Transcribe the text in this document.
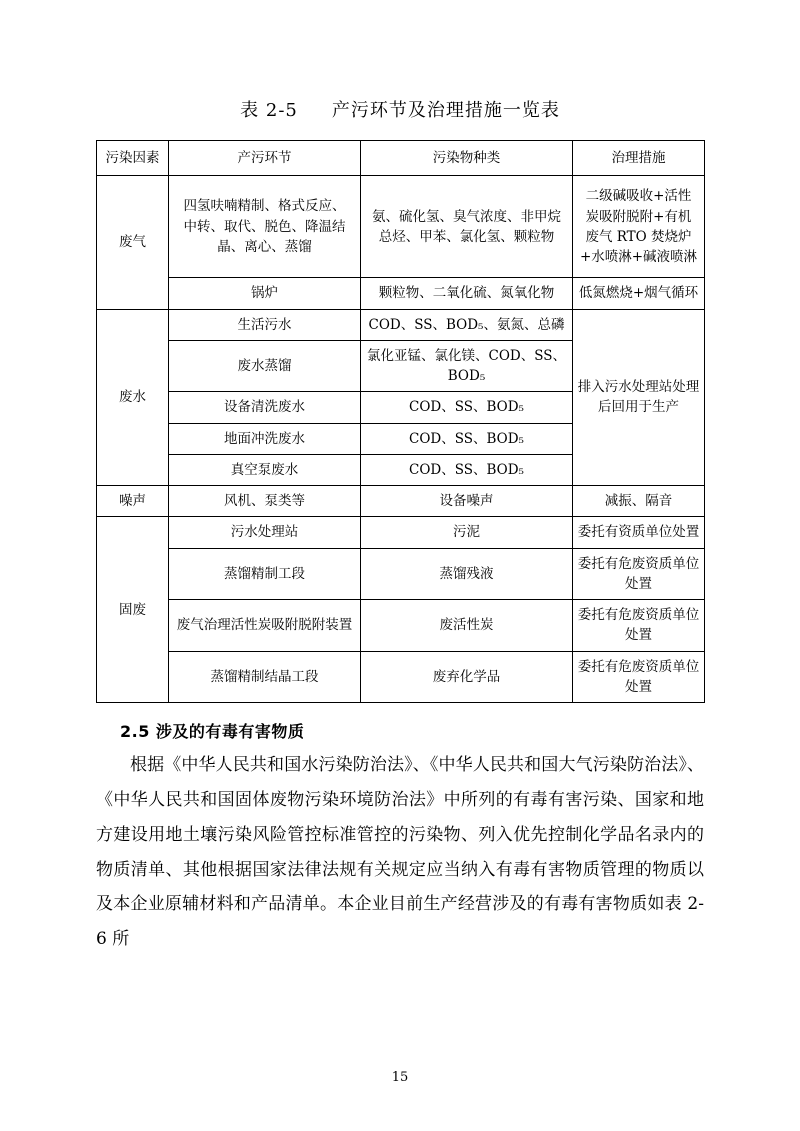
表 2-5 产污环节及治理措施一览表
污染因素	产污环节	污染物种类	治理措施
废气	四氢呋喃精制、格式反应、中转、取代、脱色、降温结晶、离心、蒸馏	氨、硫化氢、臭气浓度、非甲烷总烃、甲苯、氯化氢、颗粒物	二级碱吸收+活性炭吸附脱附+有机废气 RTO 焚烧炉+水喷淋+碱液喷淋
	锅炉	颗粒物、二氧化硫、氮氧化物	低氮燃烧+烟气循环
废水	生活污水	COD、SS、BOD₅、氨氮、总磷	排入污水处理站处理后回用于生产
	废水蒸馏	氯化亚锰、氯化镁、COD、SS、BOD₅	
	设备清洗废水	COD、SS、BOD₅	
	地面冲洗废水	COD、SS、BOD₅	
	真空泵废水	COD、SS、BOD₅	
噪声	风机、泵类等	设备噪声	减振、隔音
固废	污水处理站	污泥	委托有资质单位处置
	蒸馏精制工段	蒸馏残液	委托有危废资质单位处置
	废气治理活性炭吸附脱附装置	废活性炭	委托有危废资质单位处置
	蒸馏精制结晶工段	废弃化学品	委托有危废资质单位处置
2.5 涉及的有毒有害物质

根据《中华人民共和国水污染防治法》、《中华人民共和国大气污染防治法》、《中华人民共和国固体废物污染环境防治法》中所列的有毒有害污染、国家和地方建设用地土壤污染风险管控标准管控的污染物、列入优先控制化学品名录内的物质清单、其他根据国家法律法规有关规定应当纳入有毒有害物质管理的物质以及本企业原辅材料和产品清单。本企业目前生产经营涉及的有毒有害物质如表 2-6 所

15
